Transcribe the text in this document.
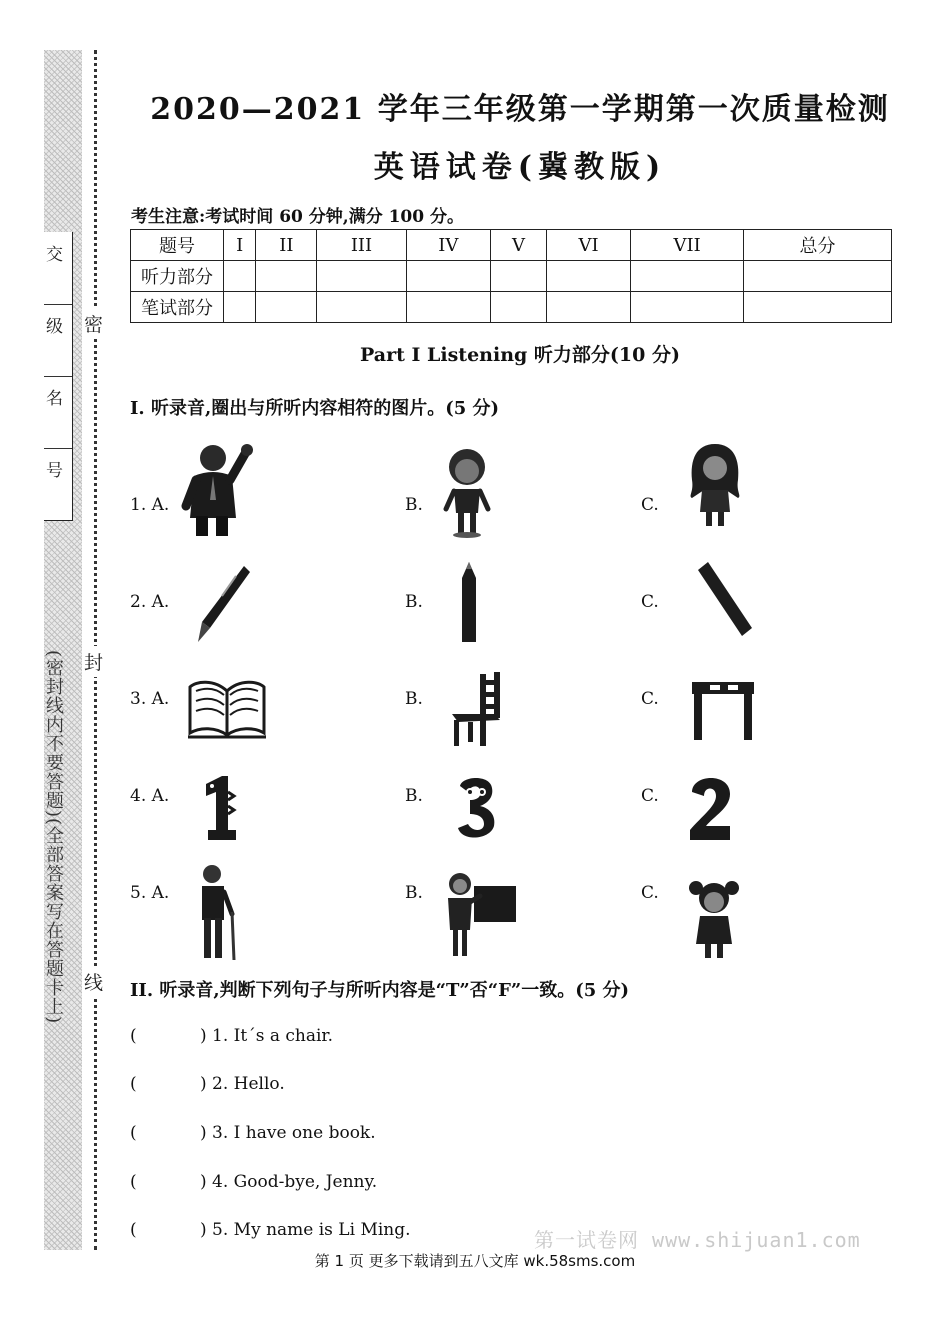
交
级
名
号
(密封线内不要答题)(全部答案写在答题卡上)
密
封
线
2020—2021 学年三年级第一学期第一次质量检测
英语试卷(冀教版)
考生注意:考试时间 60 分钟,满分 100 分。
题号	I	II	III	IV	V	VI	VII	总分
听力部分								
笔试部分								
Part I Listening 听力部分(10 分)
I. 听录音,圈出与所听内容相符的图片。(5 分)
1. A.	B.	C.
2. A.	B.	C.
3. A.	B.	C.
4. A.	B.	C.
5. A.	B.	C.
II. 听录音,判断下列句子与所听内容是“T”否“F”一致。(5 分)
(	) 1. It´s a chair.
(	) 2. Hello.
(	) 3. I have one book.
(	) 4. Good-bye, Jenny.
(	) 5. My name is Li Ming.	第一试卷网 www.shijuan1.com
第 1 页 更多下载请到五八文库 wk.58sms.com
